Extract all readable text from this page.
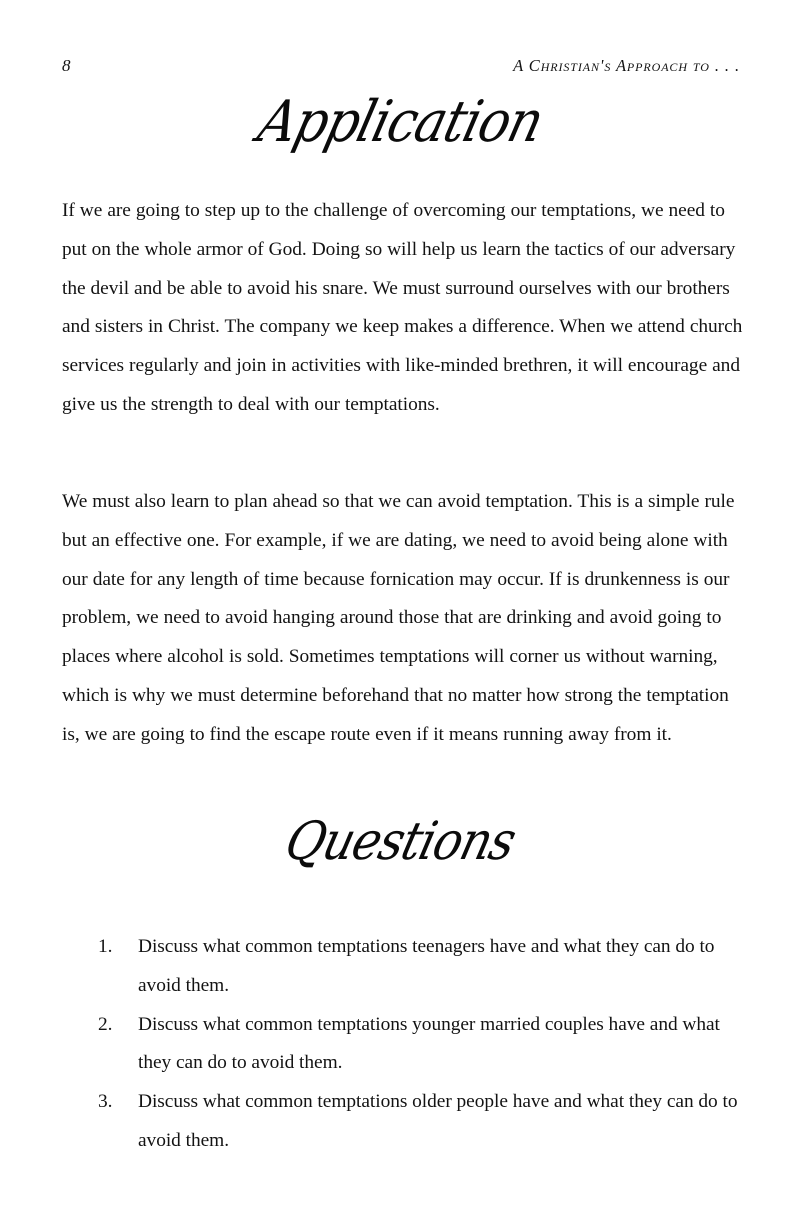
8	A Christian's Approach to . . .
Application

If we are going to step up to the challenge of overcoming our temptations, we need to put on the whole armor of God. Doing so will help us learn the tactics of our adversary the devil and be able to avoid his snare. We must surround ourselves with our brothers and sisters in Christ. The company we keep makes a difference. When we attend church services regularly and join in activities with like-minded brethren, it will encourage and give us the strength to deal with our temptations.

We must also learn to plan ahead so that we can avoid temptation. This is a simple rule but an effective one. For example, if we are dating, we need to avoid being alone with our date for any length of time because fornication may occur. If is drunkenness is our problem, we need to avoid hanging around those that are drinking and avoid going to places where alcohol is sold. Sometimes temptations will corner us without warning, which is why we must determine beforehand that no matter how strong the temptation is, we are going to find the escape route even if it means running away from it.

Questions
1.	Discuss what common temptations teenagers have and what they can do to avoid them.
2.	Discuss what common temptations younger married couples have and what they can do to avoid them.
3.	Discuss what common temptations older people have and what they can do to avoid them.
